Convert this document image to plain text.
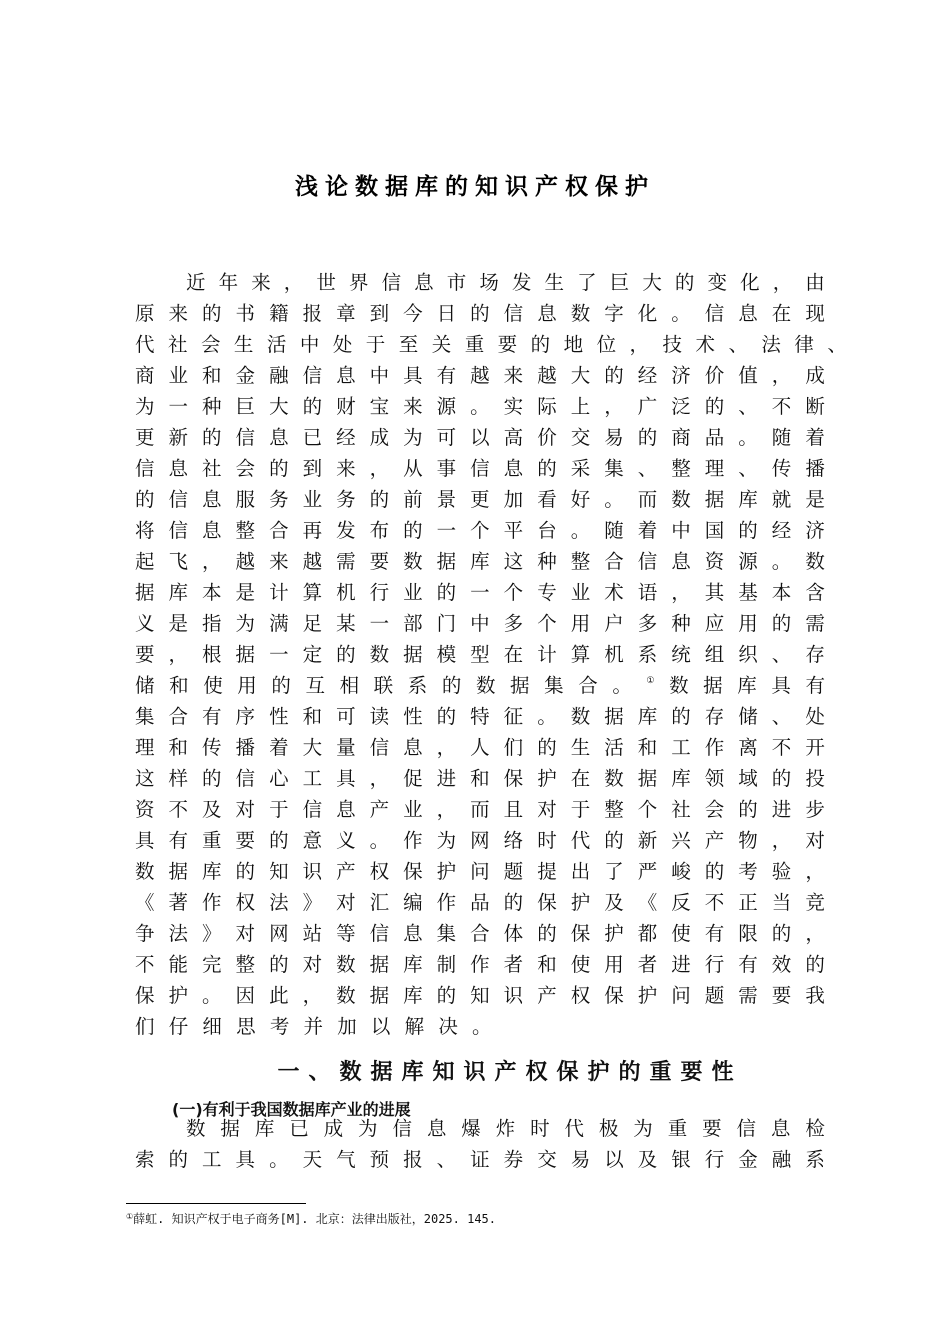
浅论数据库的知识产权保护
近 年 来 ， 世 界 信 息 市 场 发 生 了 巨 大 的 变 化 ， 由
原 来 的 书 籍 报 章 到 今 日 的 信 息 数 字 化 。 信 息 在 现
代 社 会 生 活 中 处 于 至 关 重 要 的 地 位 ， 技 术 、 法 律 、
商 业 和 金 融 信 息 中 具 有 越 来 越 大 的 经 济 价 值 ， 成
为 一 种 巨 大 的 财 宝 来 源 。 实 际 上 ， 广 泛 的 、 不 断
更 新 的 信 息 已 经 成 为 可 以 高 价 交 易 的 商 品 。 随 着
信 息 社 会 的 到 来 ， 从 事 信 息 的 采 集 、 整 理 、 传 播
的 信 息 服 务 业 务 的 前 景 更 加 看 好 。 而 数 据 库 就 是
将 信 息 整 合 再 发 布 的 一 个 平 台 。 随 着 中 国 的 经 济
起 飞 ， 越 来 越 需 要 数 据 库 这 种 整 合 信 息 资 源 。 数
据 库 本 是 计 算 机 行 业 的 一 个 专 业 术 语 ， 其 基 本 含
义 是 指 为 满 足 某 一 部 门 中 多 个 用 户 多 种 应 用 的 需
要 ， 根 据 一 定 的 数 据 模 型 在 计 算 机 系 统 组 织 、 存
储 和 使 用 的 互 相 联 系 的 数 据 集 合 。 ① 数 据 库 具 有
集 合 有 序 性 和 可 读 性 的 特 征 。 数 据 库 的 存 储 、 处
理 和 传 播 着 大 量 信 息 ， 人 们 的 生 活 和 工 作 离 不 开
这 样 的 信 心 工 具 ， 促 进 和 保 护 在 数 据 库 领 域 的 投
资 不 及 对 于 信 息 产 业 ， 而 且 对 于 整 个 社 会 的 进 步
具 有 重 要 的 意 义 。 作 为 网 络 时 代 的 新 兴 产 物 ， 对
数 据 库 的 知 识 产 权 保 护 问 题 提 出 了 严 峻 的 考 验 ，
《 著 作 权 法 》 对 汇 编 作 品 的 保 护 及 《 反 不 正 当 竞
争 法 》 对 网 站 等 信 息 集 合 体 的 保 护 都 使 有 限 的 ，
不 能 完 整 的 对 数 据 库 制 作 者 和 使 用 者 进 行 有 效 的
保 护 。 因 此 ， 数 据 库 的 知 识 产 权 保 护 问 题 需 要 我
们 仔 细 思 考 并 加 以 解 决 。
一、数据库知识产权保护的重要性
(一)有利于我国数据库产业的进展
数 据 库 已 成 为 信 息 爆 炸 时 代 极 为 重 要 信 息 检
索 的 工 具 。 天 气 预 报 、 证 券 交 易 以 及 银 行 金 融 系
①薛虹. 知识产权于电子商务[M]. 北京：法律出版社，2025. 145.
